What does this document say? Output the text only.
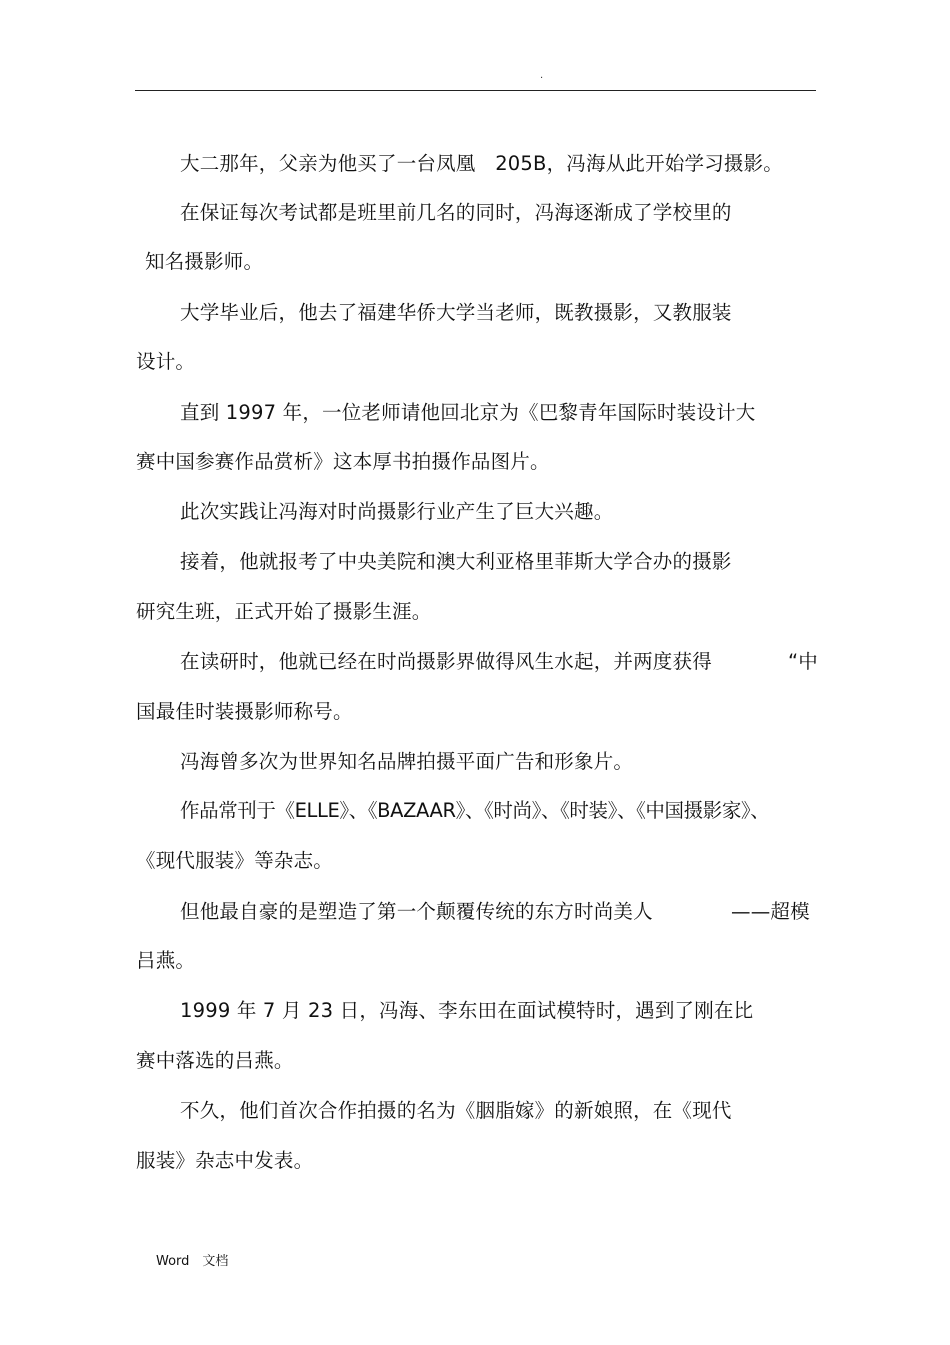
.
大二那年，父亲为他买了一台凤凰　205B，冯海从此开始学习摄影。
在保证每次考试都是班里前几名的同时，冯海逐渐成了学校里的
知名摄影师。
大学毕业后，他去了福建华侨大学当老师，既教摄影，又教服装
设计。
直到 1997 年，一位老师请他回北京为《巴黎青年国际时装设计大
赛中国参赛作品赏析》这本厚书拍摄作品图片。
此次实践让冯海对时尚摄影行业产生了巨大兴趣。
接着，他就报考了中央美院和澳大利亚格里菲斯大学合办的摄影
研究生班，正式开始了摄影生涯。
在读研时，他就已经在时尚摄影界做得风生水起，并两度获得	“中
国最佳时装摄影师称号。
冯海曾多次为世界知名品牌拍摄平面广告和形象片。
作品常刊于《ELLE》、《BAZAAR》、《时尚》、《时装》、《中国摄影家》、
《现代服装》等杂志。
但他最自豪的是塑造了第一个颠覆传统的东方时尚美人	——超模
吕燕。
1999 年 7 月 23 日，冯海、李东田在面试模特时，遇到了刚在比
赛中落选的吕燕。
不久，他们首次合作拍摄的名为《胭脂嫁》的新娘照，在《现代
服装》杂志中发表。
Word　文档
